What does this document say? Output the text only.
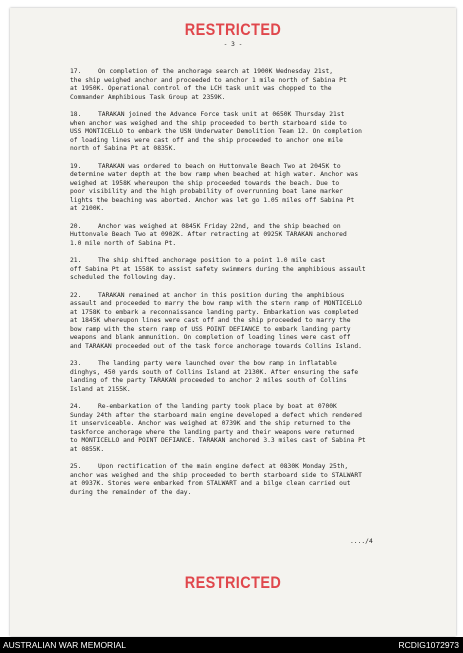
RESTRICTED
- 3 -
17.	On completion of the anchorage search at 1900K Wednesday 21st,
the ship weighed anchor and proceeded to anchor 1 mile north of Sabina Pt
at 1950K. Operational control of the LCH task unit was chopped to the
Commander Amphibious Task Group at 2359K.
18.	TARAKAN joined the Advance Force task unit at 0650K Thursday 21st
when anchor was weighed and the ship proceeded to berth starboard side to
USS MONTICELLO to embark the USN Underwater Demolition Team 12. On completion
of loading lines were cast off and the ship proceeded to anchor one mile
north of Sabina Pt at 0835K.
19.	TARAKAN was ordered to beach on Huttonvale Beach Two at 2045K to
determine water depth at the bow ramp when beached at high water. Anchor was
weighed at 1958K whereupon the ship proceeded towards the beach. Due to
poor visibility and the high probability of overrunning boat lane marker
lights the beaching was aborted. Anchor was let go 1.05 miles off Sabina Pt
at 2100K.
20.	Anchor was weighed at 0845K Friday 22nd, and the ship beached on
Huttonvale Beach Two at 0902K. After retracting at 0925K TARAKAN anchored
1.0 mile north of Sabina Pt.
21.	The ship shifted anchorage position to a point 1.0 mile cast
off Sabina Pt at 1558K to assist safety swimmers during the amphibious assault
scheduled the following day.
22.	TARAKAN remained at anchor in this position during the amphibious
assault and proceeded to marry the bow ramp with the stern ramp of MONTICELLO
at 1758K to embark a reconnaissance landing party. Embarkation was completed
at 1845K whereupon lines were cast off and the ship proceeded to marry the
bow ramp with the stern ramp of USS POINT DEFIANCE to embark landing party
weapons and blank ammunition. On completion of loading lines were cast off
and TARAKAN proceeded out of the task force anchorage towards Collins Island.
23.	The landing party were launched over the bow ramp in inflatable
dinghys, 450 yards south of Collins Island at 2130K. After ensuring the safe
landing of the party TARAKAN proceeded to anchor 2 miles south of Collins
Island at 2155K.
24.	Re-embarkation of the landing party took place by boat at 0700K
Sunday 24th after the starboard main engine developed a defect which rendered
it unserviceable. Anchor was weighed at 0739K and the ship returned to the
taskforce anchorage where the landing party and their weapons were returned
to MONTICELLO and POINT DEFIANCE. TARAKAN anchored 3.3 miles cast of Sabina Pt
at 0855K.
25.	Upon rectification of the main engine defect at 0830K Monday 25th,
anchor was weighed and the ship proceeded to berth starboard side to STALWART
at 0937K. Stores were embarked from STALWART and a bilge clean carried out
during the remainder of the day.
..../4
RESTRICTED
AUSTRALIAN WAR MEMORIAL	RCDIG1072973
